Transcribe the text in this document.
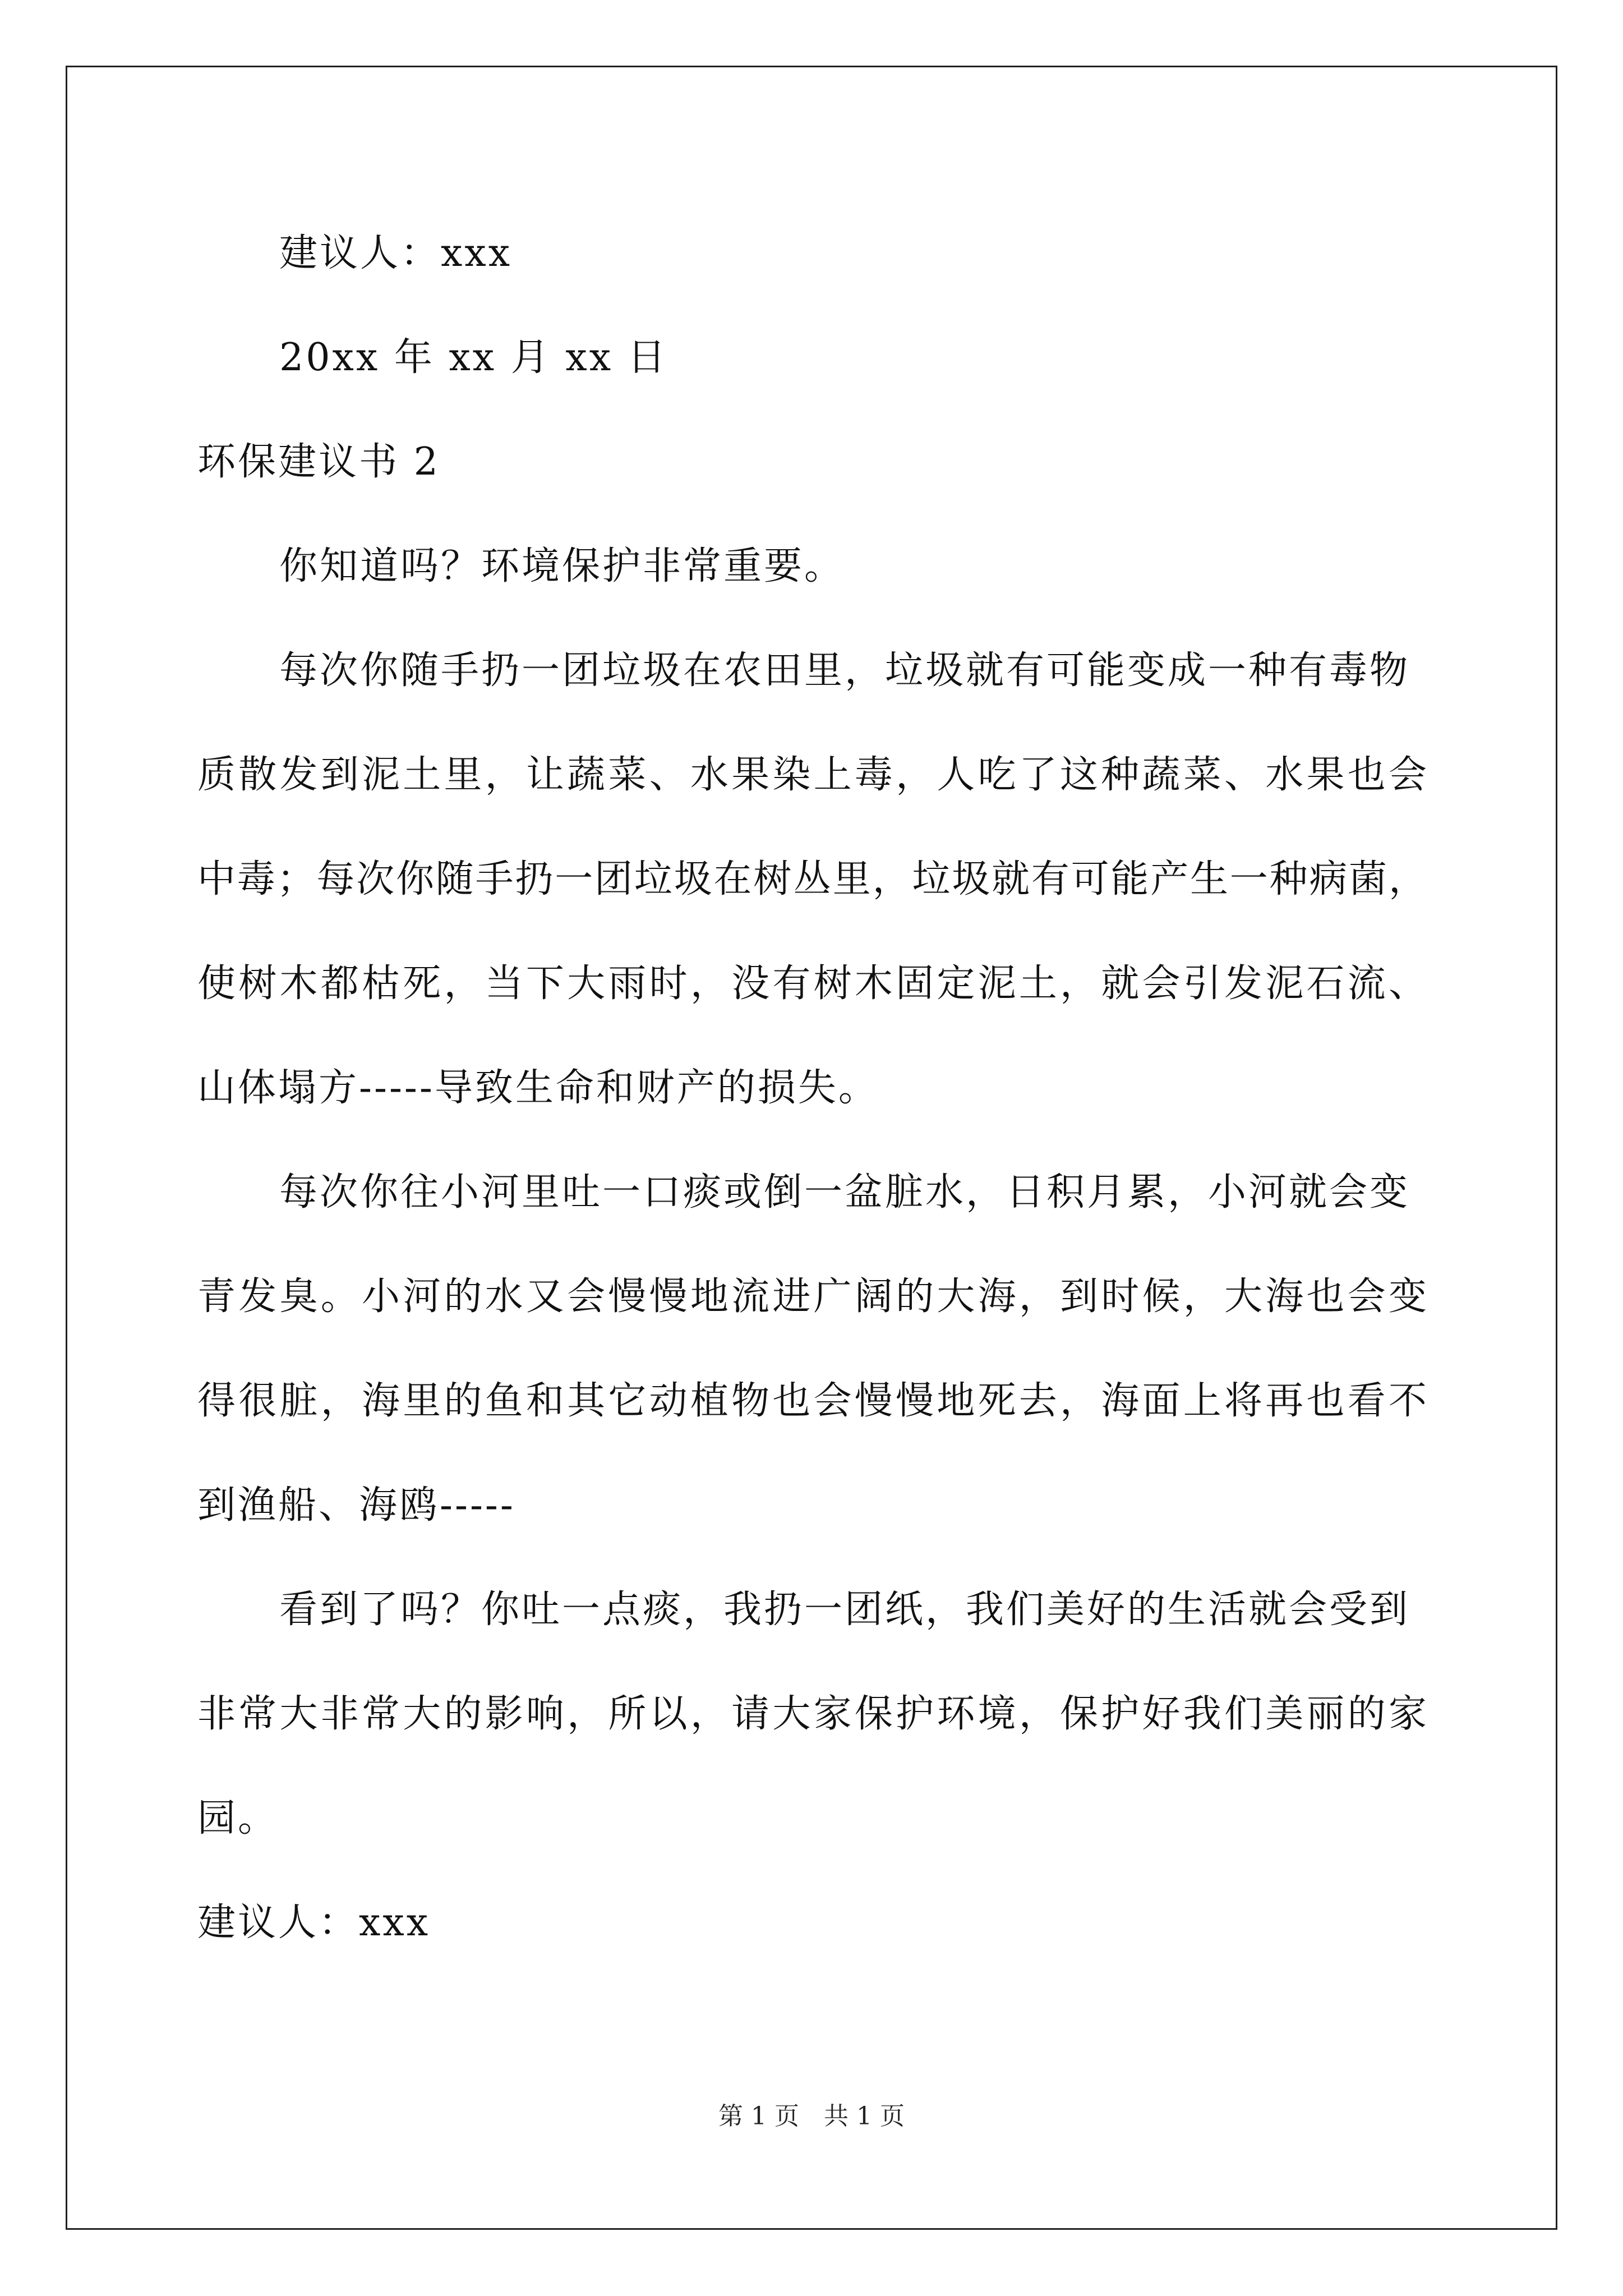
建议人：xxx
20xx 年 xx 月 xx 日
环保建议书 2
你知道吗？环境保护非常重要。
每次你随手扔一团垃圾在农田里，垃圾就有可能变成一种有毒物
质散发到泥土里，让蔬菜、水果染上毒，人吃了这种蔬菜、水果也会
中毒；每次你随手扔一团垃圾在树丛里，垃圾就有可能产生一种病菌，
使树木都枯死，当下大雨时，没有树木固定泥土，就会引发泥石流、
山体塌方-----导致生命和财产的损失。
每次你往小河里吐一口痰或倒一盆脏水，日积月累，小河就会变
青发臭。小河的水又会慢慢地流进广阔的大海，到时候，大海也会变
得很脏，海里的鱼和其它动植物也会慢慢地死去，海面上将再也看不
到渔船、海鸥-----
看到了吗？你吐一点痰，我扔一团纸，我们美好的生活就会受到
非常大非常大的影响，所以，请大家保护环境，保护好我们美丽的家
园。
建议人：xxx
第 1 页　共 1 页
